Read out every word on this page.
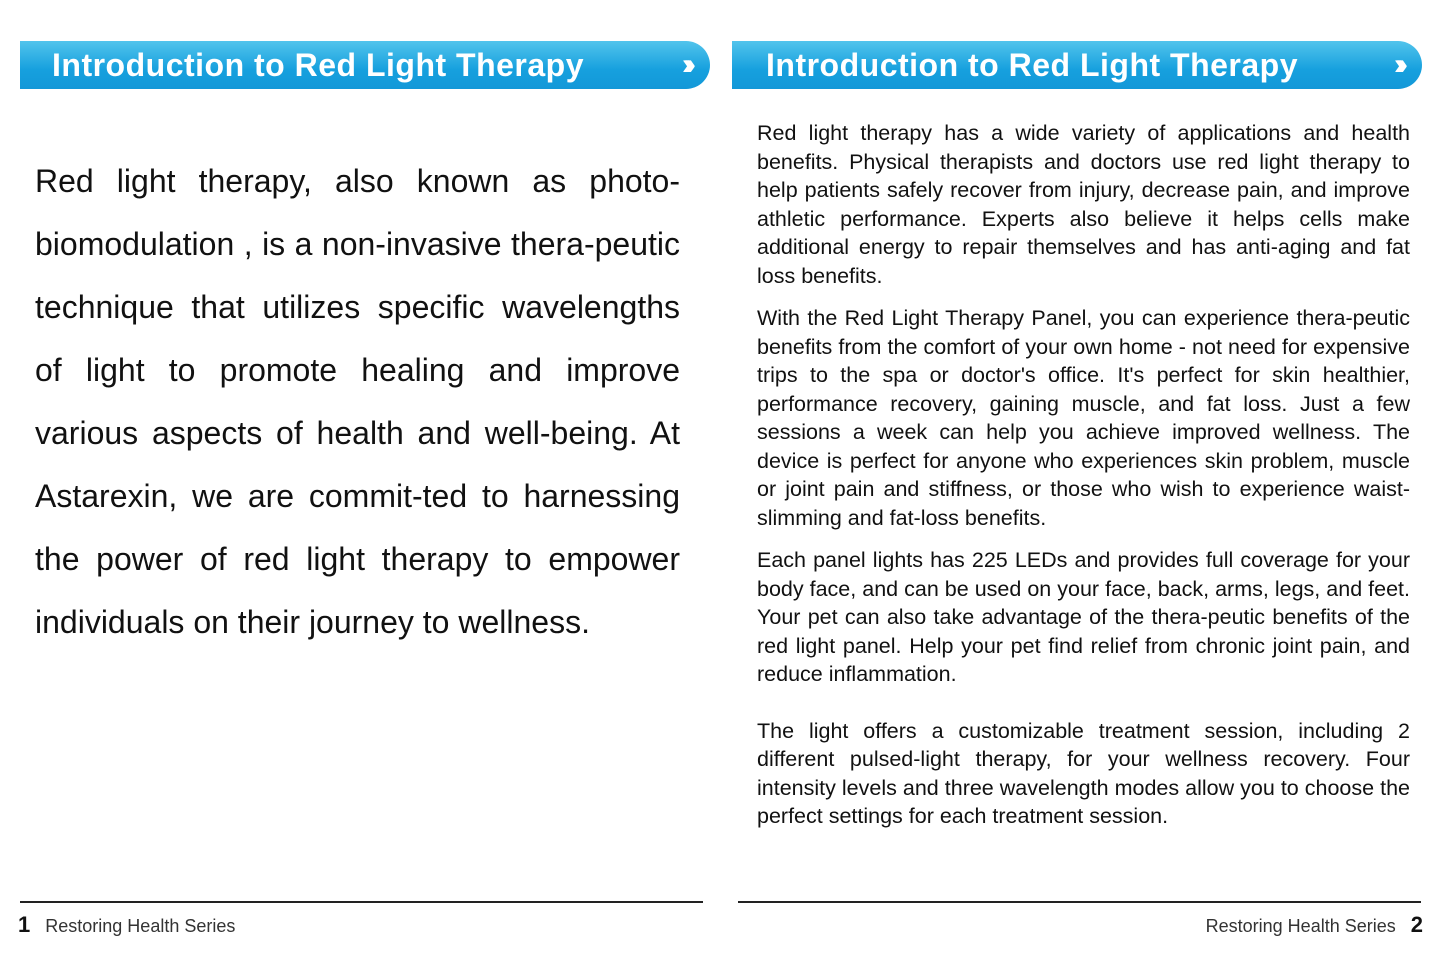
Introduction to Red Light Therapy	›››	Introduction to Red Light Therapy	›››
Red light therapy, also known as photo-biomodulation , is a non-invasive thera-peutic technique that utilizes specific wavelengths of light to promote healing and improve various aspects of health and well-being. At Astarexin, we are commit-ted to harnessing the power of red light therapy to empower individuals on their journey to wellness.

Red light therapy has a wide variety of applications and health benefits. Physical therapists and doctors use red light therapy to help patients safely recover from injury, decrease pain, and improve athletic performance. Experts also believe it helps cells make additional energy to repair themselves and has anti-aging and fat loss benefits.

With the Red Light Therapy Panel, you can experience thera-peutic benefits from the comfort of your own home - not need for expensive trips to the spa or doctor's office. It's perfect for skin healthier, performance recovery, gaining muscle, and fat loss. Just a few sessions a week can help you achieve improved wellness. The device is perfect for anyone who experiences skin problem, muscle or joint pain and stiffness, or those who wish to experience waist-slimming and fat-loss benefits.

Each panel lights has 225 LEDs and provides full coverage for your body face, and can be used on your face, back, arms, legs, and feet. Your pet can also take advantage of the thera-peutic benefits of the red light panel. Help your pet find relief from chronic joint pain, and reduce inflammation.

The light offers a customizable treatment session, including 2 different pulsed-light therapy, for your wellness recovery. Four intensity levels and three wavelength modes allow you to choose the perfect settings for each treatment session.

1 Restoring Health Series	Restoring Health Series 2
